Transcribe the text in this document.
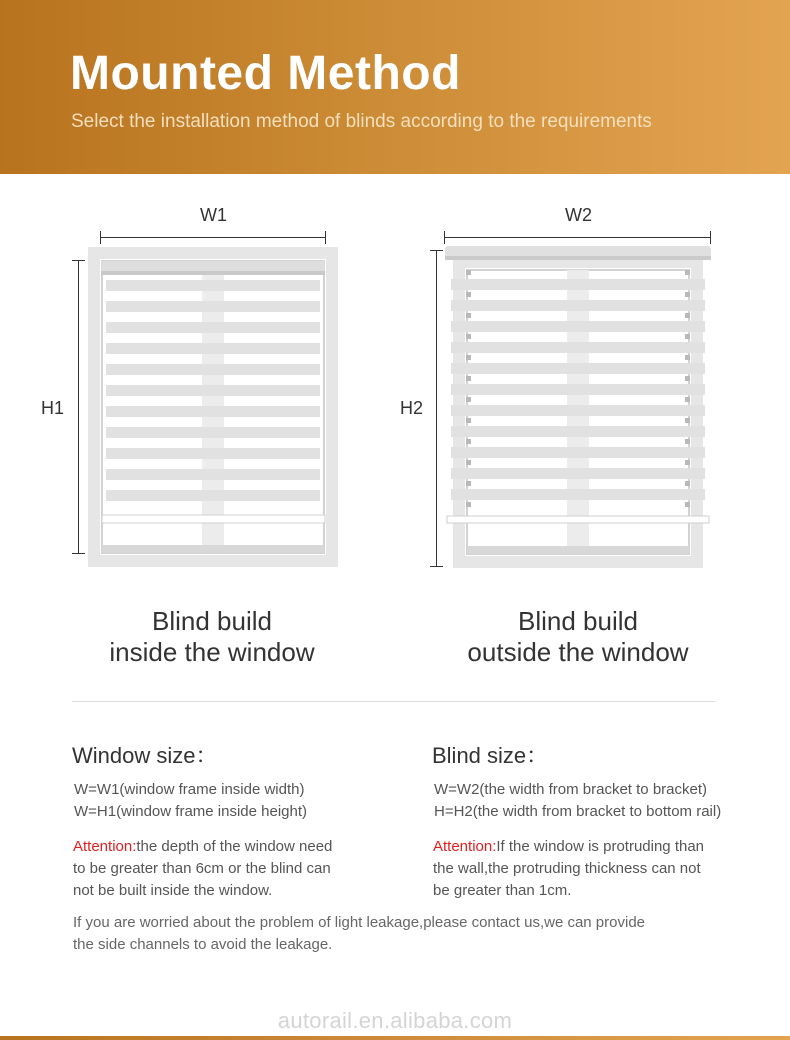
Mounted Method

Select the installation method of blinds according to the requirements

W1
H1
Blind build
inside the window
W2
H2
Blind build
outside the window
Window size：
W=W1(window frame inside width)
W=H1(window frame inside height)
Attention:the depth of the window need
to be greater than 6cm or the blind can
not be built inside the window.
Blind size：
W=W2(the width from bracket to bracket)
H=H2(the width from bracket to bottom rail)
Attention:If the window is protruding than
the wall,the protruding thickness can not
be greater than 1cm.
If you are worried about the problem of light leakage,please contact us,we can provide
the side channels to avoid the leakage.
autorail.en.alibaba.com
